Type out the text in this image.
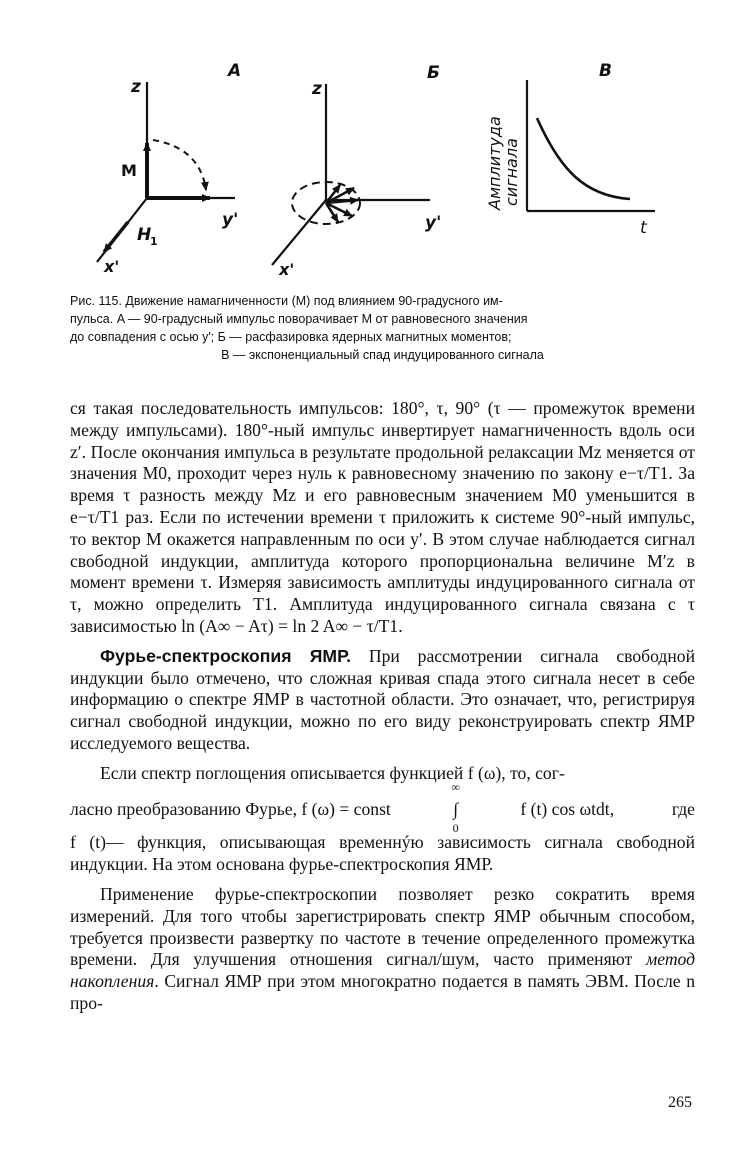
A
z
M
y'
H
1
x'
Б
z
y'
x'
В
Амплитуда
сигнала
t

Рис. 115. Движение намагниченности (M) под влиянием 90-градусного им-

пульса. A — 90-градусный импульс поворачивает M от равновесного значения

до совпадения с осью y′; Б — расфазировка ядерных магнитных моментов;

В — экспоненциальный спад индуцированного сигнала

ся такая последовательность импульсов: 180°, τ, 90° (τ — промежуток времени между импульсами). 180°-ный импульс инвертирует намагниченность вдоль оси z′. После окончания импульса в результате продольной релаксации Mz меняется от значения M0, проходит через нуль к равновесному значению по закону e−τ/T1. За время τ разность между Mz и его равновесным значением M0 уменьшится в e−τ/T1 раз. Если по истечении времени τ приложить к системе 90°-ный импульс, то вектор M окажется направленным по оси y′. В этом случае наблюдается сигнал свободной индукции, амплитуда которого пропорциональна величине M′z в момент времени τ. Измеряя зависимость амплитуды индуцированного сигнала от τ, можно определить T1. Амплитуда индуцированного сигнала связана с τ зависимостью ln (A∞ − Aτ) = ln 2 A∞ − τ/T1.

Фурье-спектроскопия ЯМР. При рассмотрении сигнала свободной индукции было отмечено, что сложная кривая спада этого сигнала несет в себе информацию о спектре ЯМР в частотной области. Это означает, что, регистрируя сигнал свободной индукции, можно по его виду реконструировать спектр ЯМР исследуемого вещества.

Если спектр поглощения описывается функцией f (ω), то, сог-

ласно преобразованию Фурье, f (ω) = const
∞
∫
0
f (t) cos ωtdt,	где

f (t)— функция, описывающая временнýю зависимость сигнала свободной индукции. На этом основана фурье-спектроскопия ЯМР.

Применение фурье-спектроскопии позволяет резко сократить время измерений. Для того чтобы зарегистрировать спектр ЯМР обычным способом, требуется произвести развертку по частоте в течение определенного промежутка времени. Для улучшения отношения сигнал/шум, часто применяют метод накопления. Сигнал ЯМР при этом многократно подается в память ЭВМ. После n про-

265
